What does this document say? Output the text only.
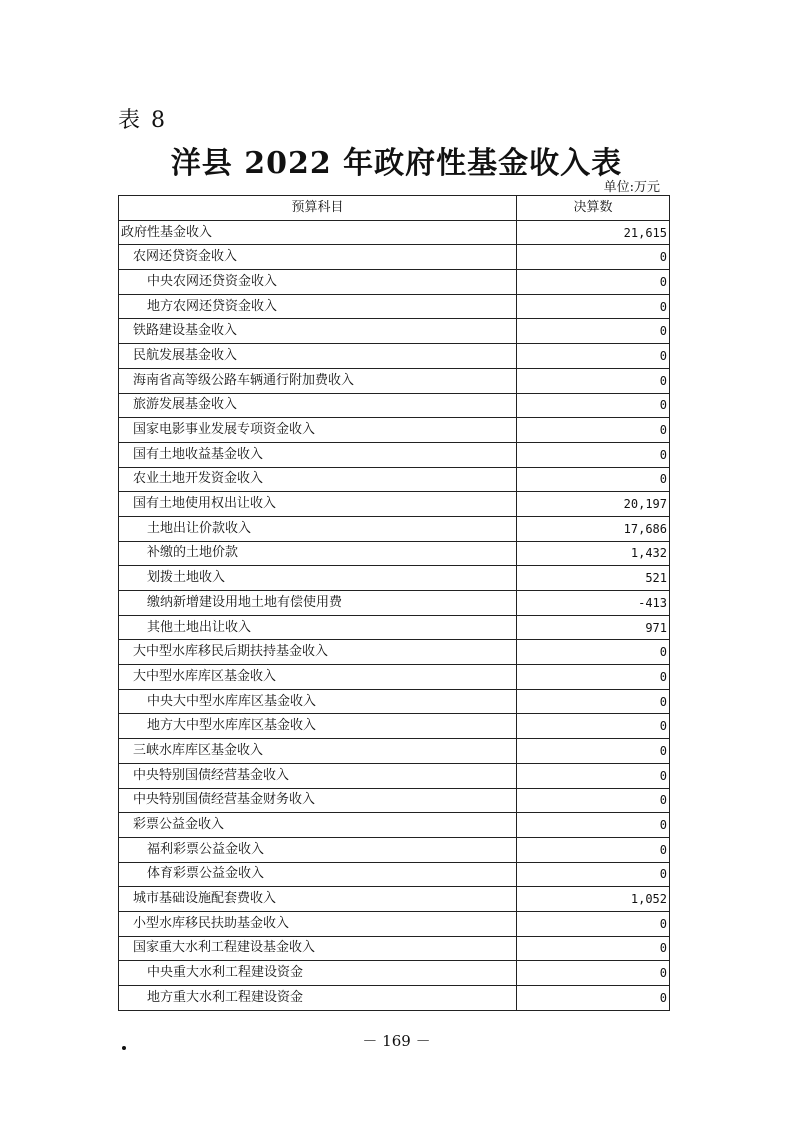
表 8
洋县 2022 年政府性基金收入表
单位:万元
预算科目	决算数
政府性基金收入	21,615
农网还贷资金收入	0
中央农网还贷资金收入	0
地方农网还贷资金收入	0
铁路建设基金收入	0
民航发展基金收入	0
海南省高等级公路车辆通行附加费收入	0
旅游发展基金收入	0
国家电影事业发展专项资金收入	0
国有土地收益基金收入	0
农业土地开发资金收入	0
国有土地使用权出让收入	20,197
土地出让价款收入	17,686
补缴的土地价款	1,432
划拨土地收入	521
缴纳新增建设用地土地有偿使用费	-413
其他土地出让收入	971
大中型水库移民后期扶持基金收入	0
大中型水库库区基金收入	0
中央大中型水库库区基金收入	0
地方大中型水库库区基金收入	0
三峡水库库区基金收入	0
中央特别国债经营基金收入	0
中央特别国债经营基金财务收入	0
彩票公益金收入	0
福利彩票公益金收入	0
体育彩票公益金收入	0
城市基础设施配套费收入	1,052
小型水库移民扶助基金收入	0
国家重大水利工程建设基金收入	0
中央重大水利工程建设资金	0
地方重大水利工程建设资金	0
－ 169 －
